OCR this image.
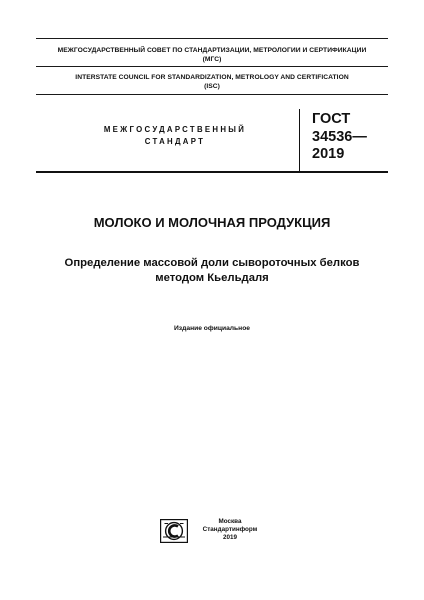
МЕЖГОСУДАРСТВЕННЫЙ СОВЕТ ПО СТАНДАРТИЗАЦИИ, МЕТРОЛОГИИ И СЕРТИФИКАЦИИ
(МГС)
INTERSTATE COUNCIL FOR STANDARDIZATION, METROLOGY AND CERTIFICATION
(ISC)
МЕЖГОСУДАРСТВЕННЫЙ
СТАНДАРТ
ГОСТ
34536—
2019
МОЛОКО И МОЛОЧНАЯ ПРОДУКЦИЯ
Определение массовой доли сывороточных белков
методом Кьельдаля
Издание официальное
Москва
Стандартинформ
2019
